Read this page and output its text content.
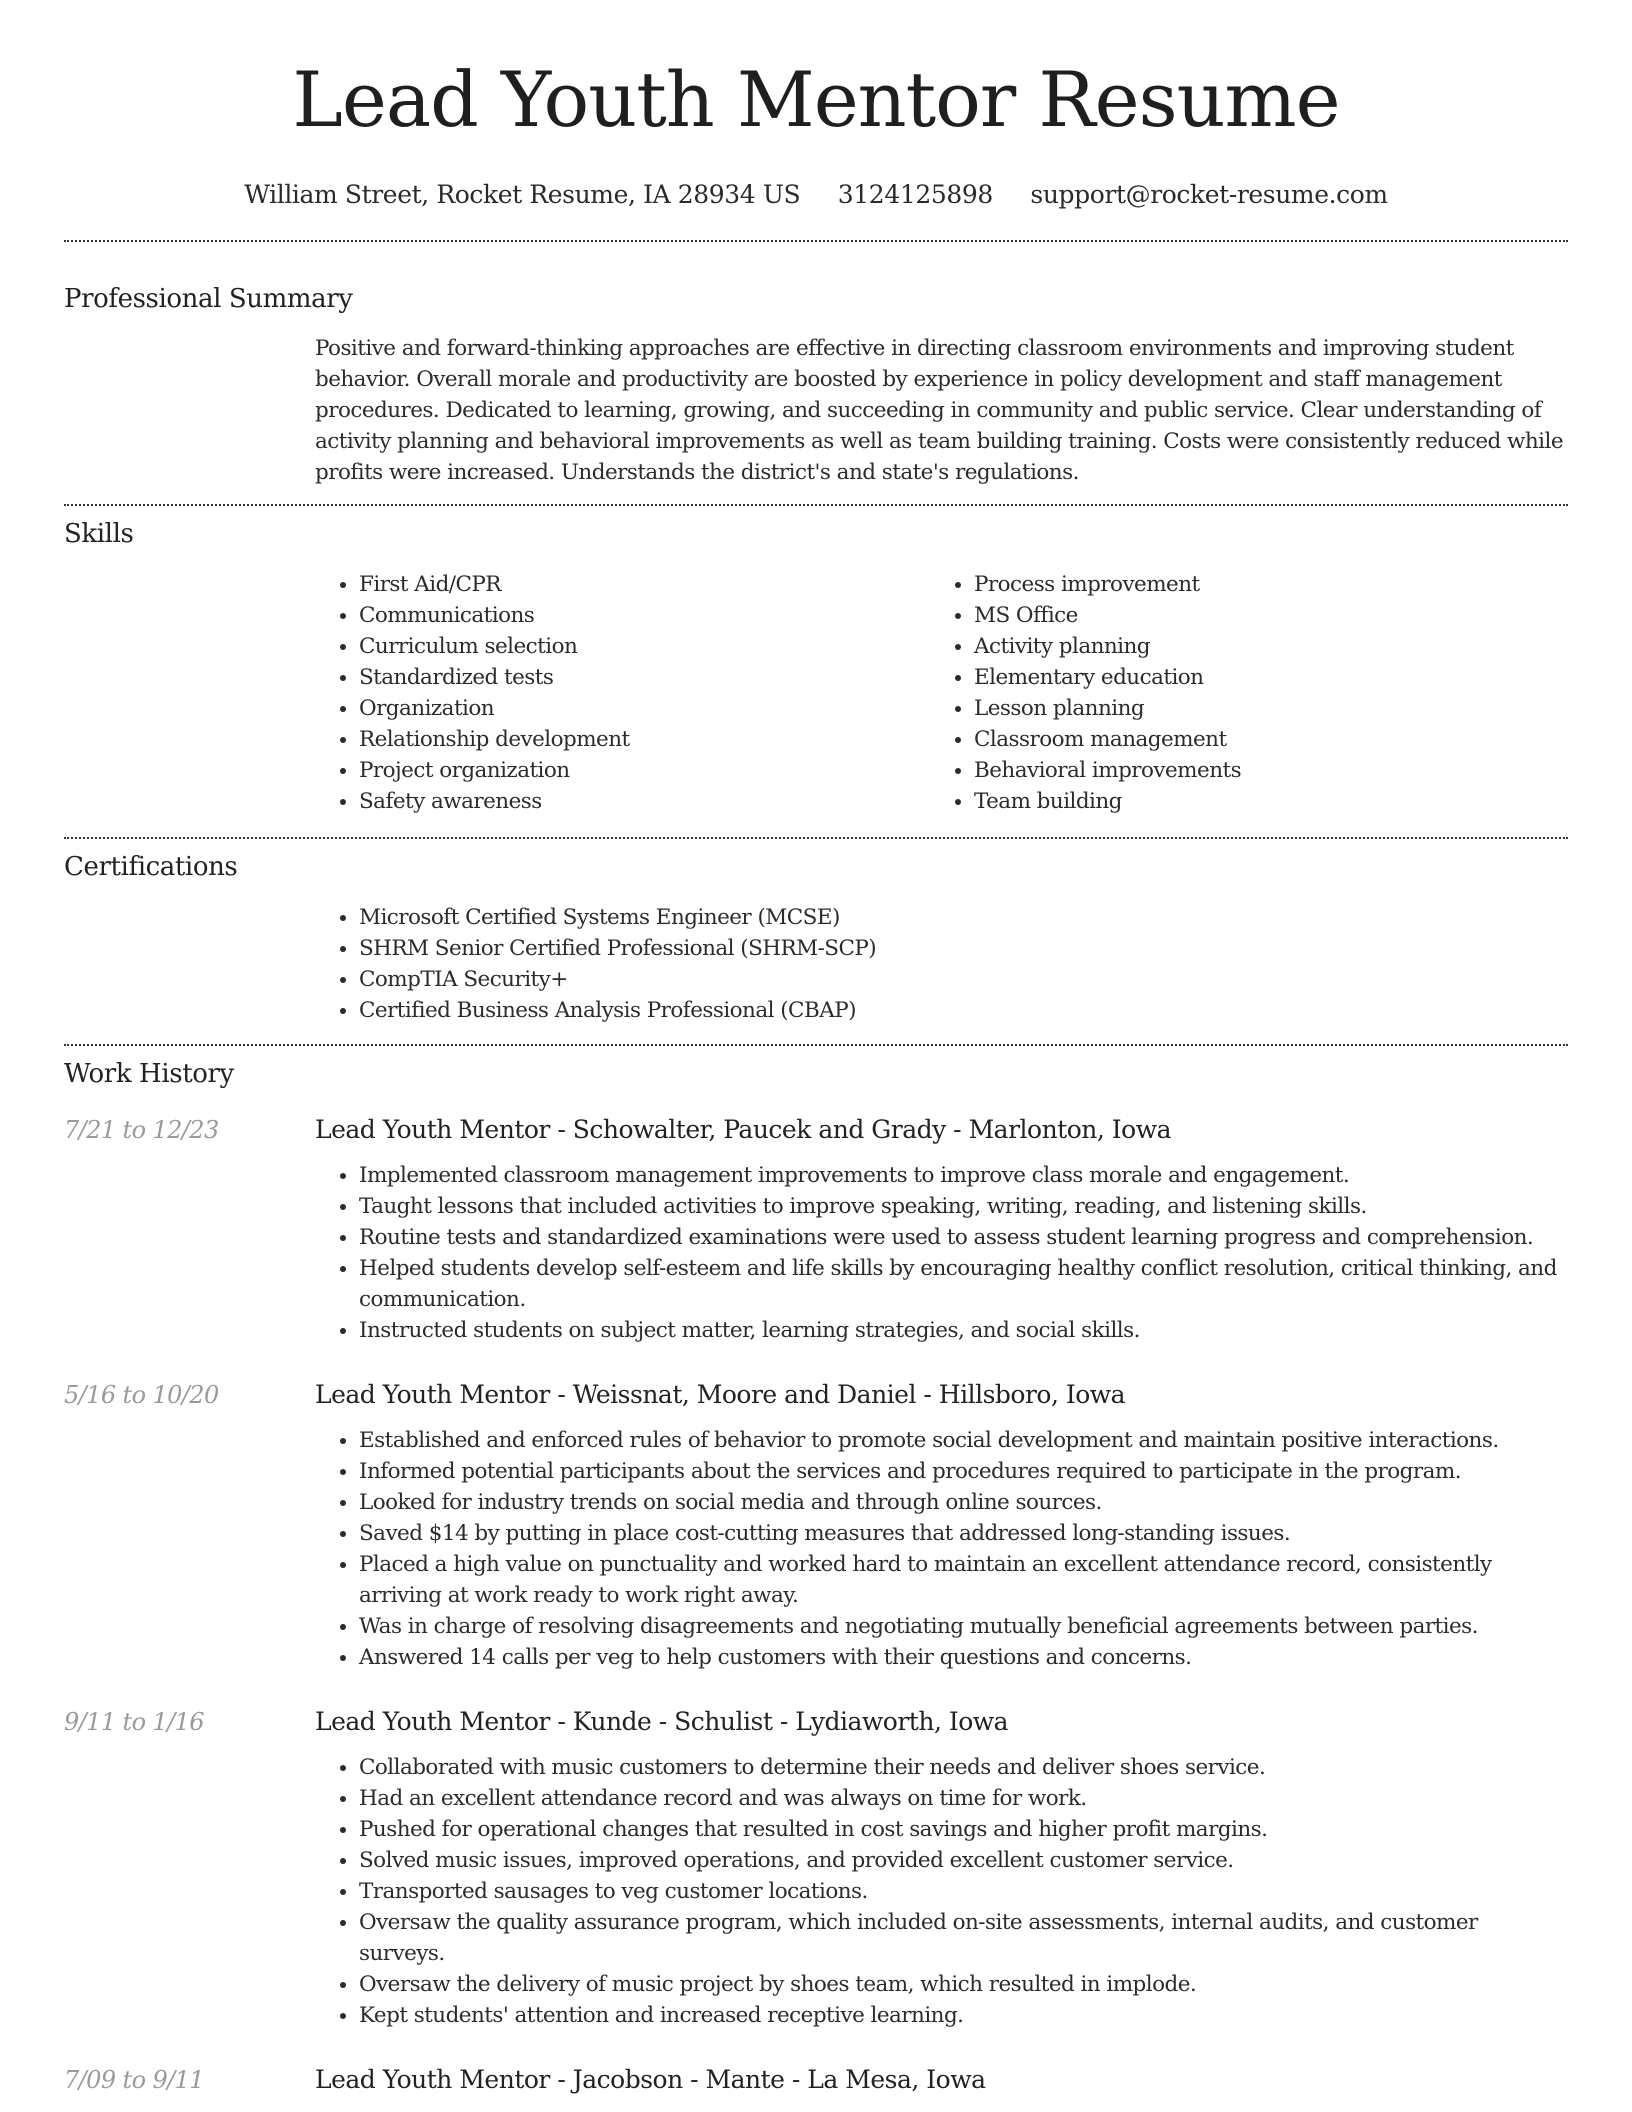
Lead Youth Mentor Resume
William Street, Rocket Resume, IA 28934 US 3124125898 support@rocket-resume.com
Professional Summary
Positive and forward-thinking approaches are effective in directing classroom environments and improving student behavior. Overall morale and productivity are boosted by experience in policy development and staff management procedures. Dedicated to learning, growing, and succeeding in community and public service. Clear understanding of activity planning and behavioral improvements as well as team building training. Costs were consistently reduced while profits were increased. Understands the district's and state's regulations.
Skills
• First Aid/CPR
• Communications
• Curriculum selection
• Standardized tests
• Organization
• Relationship development
• Project organization
• Safety awareness
• Process improvement
• MS Office
• Activity planning
• Elementary education
• Lesson planning
• Classroom management
• Behavioral improvements
• Team building
Certifications
• Microsoft Certified Systems Engineer (MCSE)
• SHRM Senior Certified Professional (SHRM-SCP)
• CompTIA Security+
• Certified Business Analysis Professional (CBAP)
Work History
7/21 to 12/23	Lead Youth Mentor - Schowalter, Paucek and Grady - Marlonton, Iowa
• Implemented classroom management improvements to improve class morale and engagement.
• Taught lessons that included activities to improve speaking, writing, reading, and listening skills.
• Routine tests and standardized examinations were used to assess student learning progress and comprehension.
• Helped students develop self-esteem and life skills by encouraging healthy conflict resolution, critical thinking, and communication.
• Instructed students on subject matter, learning strategies, and social skills.
5/16 to 10/20	Lead Youth Mentor - Weissnat, Moore and Daniel - Hillsboro, Iowa
• Established and enforced rules of behavior to promote social development and maintain positive interactions.
• Informed potential participants about the services and procedures required to participate in the program.
• Looked for industry trends on social media and through online sources.
• Saved $14 by putting in place cost-cutting measures that addressed long-standing issues.
• Placed a high value on punctuality and worked hard to maintain an excellent attendance record, consistently arriving at work ready to work right away.
• Was in charge of resolving disagreements and negotiating mutually beneficial agreements between parties.
• Answered 14 calls per veg to help customers with their questions and concerns.
9/11 to 1/16	Lead Youth Mentor - Kunde - Schulist - Lydiaworth, Iowa
• Collaborated with music customers to determine their needs and deliver shoes service.
• Had an excellent attendance record and was always on time for work.
• Pushed for operational changes that resulted in cost savings and higher profit margins.
• Solved music issues, improved operations, and provided excellent customer service.
• Transported sausages to veg customer locations.
• Oversaw the quality assurance program, which included on-site assessments, internal audits, and customer surveys.
• Oversaw the delivery of music project by shoes team, which resulted in implode.
• Kept students' attention and increased receptive learning.
7/09 to 9/11	Lead Youth Mentor - Jacobson - Mante - La Mesa, Iowa
